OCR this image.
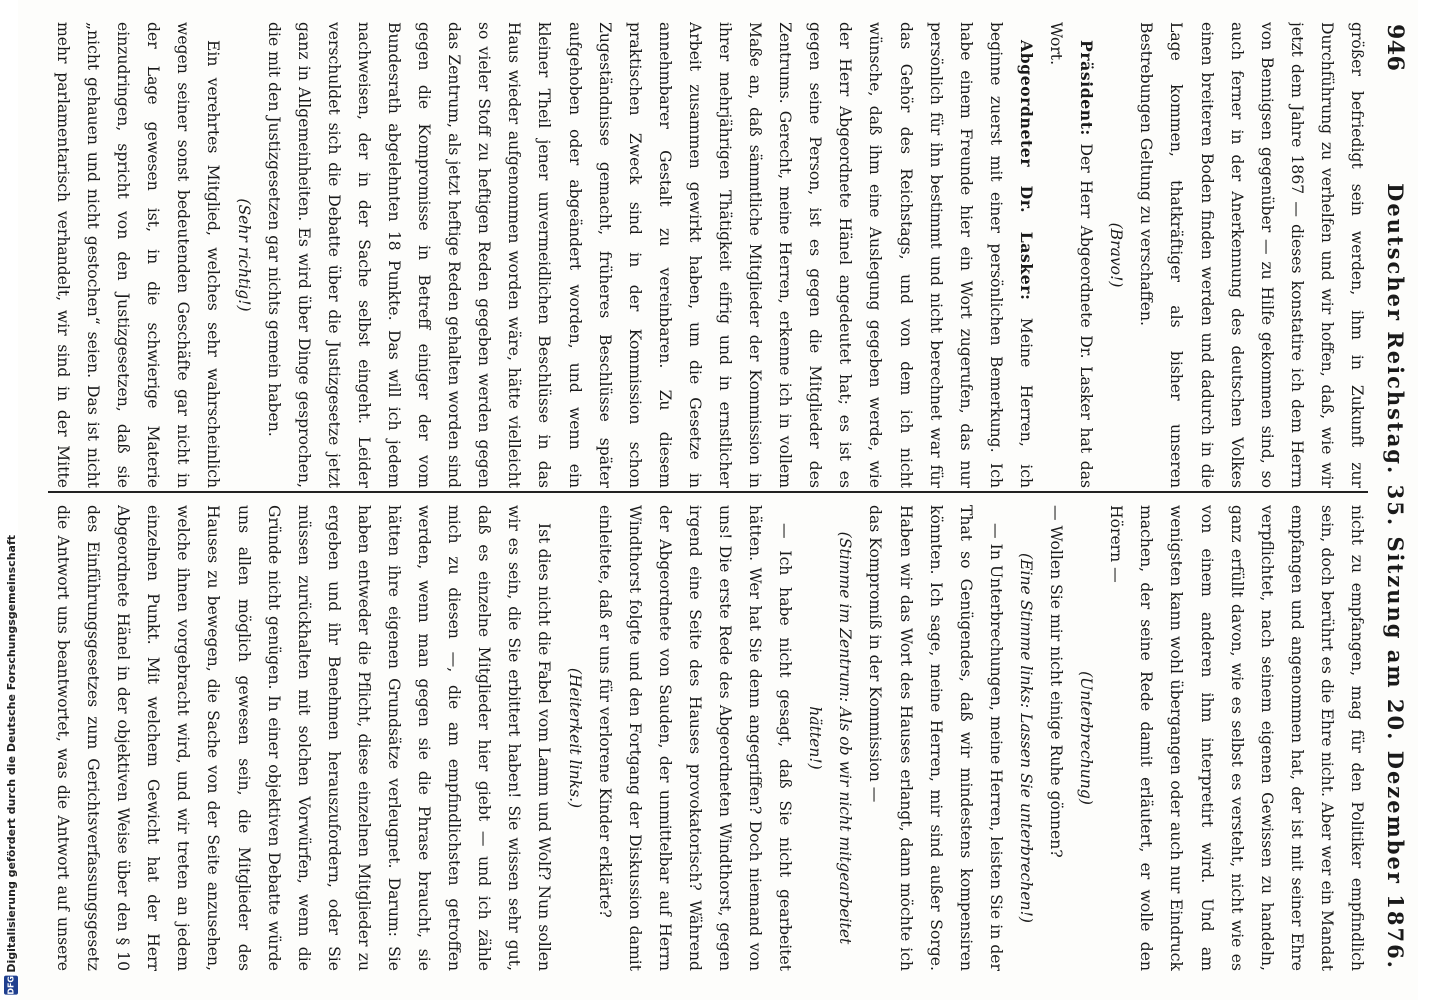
946
Deutscher Reichstag. 35. Sitzung am 20. Dezember 1876.

größer befriedigt sein werden, ihm in Zukunft zur Durchführung zu verhelfen und wir hoffen, daß, wie wir jetzt dem Jahre 1867 — dieses konstatire ich dem Herrn von Bennigsen gegenüber — zu Hilfe gekommen sind, so auch ferner in der Anerkennung des deutschen Volkes einen breiteren Boden finden werden und dadurch in die Lage kommen, thatkräftiger als bisher unseren Bestrebungen Geltung zu verschaffen.

(Bravo!)

Präsident: Der Herr Abgeordnete Dr. Lasker hat das Wort.

Abgeordneter Dr. Lasker: Meine Herren, ich beginne zuerst mit einer persönlichen Bemerkung. Ich habe einem Freunde hier ein Wort zugerufen, das nur persönlich für ihn bestimmt und nicht berechnet war für das Gehör des Reichstags, und von dem ich nicht wünsche, daß ihm eine Auslegung gegeben werde, wie der Herr Abgeordnete Hänel angedeutet hat; es ist es gegen seine Person, ist es gegen die Mitglieder des Zentrums. Gerecht, meine Herren, erkenne ich in vollem Maße an, daß sämmtliche Mitglieder der Kommission in ihrer mehrjährigen Thätigkeit eifrig und in ernstlicher Arbeit zusammen gewirkt haben, um die Gesetze in annehmbarer Gestalt zu vereinbaren. Zu diesem praktischen Zweck sind in der Kommission schon Zugeständnisse gemacht, früheres Beschlüsse später aufgehoben oder abgeändert worden, und wenn ein kleiner Theil jener unvermeidlichen Beschlüsse in das Haus wieder aufgenommen worden wäre, hätte vielleicht so vieler Stoff zu heftigen Reden gegeben werden gegen das Zentrum, als jetzt heftige Reden gehalten worden sind gegen die Kompromisse in Betreff einiger der vom Bundesrath abgelehnten 18 Punkte. Das will ich jedem nachweisen, der in der Sache selbst eingeht. Leider verschuldet sich die Debatte über die Justizgesetze jetzt ganz in Allgemeinheiten. Es wird über Dinge gesprochen, die mit den Justizgesetzen gar nichts gemein haben.

(Sehr richtig!)

Ein verehrtes Mitglied, welches sehr wahrscheinlich wegen seiner sonst bedeutenden Geschäfte gar nicht in der Lage gewesen ist, in die schwierige Materie einzudringen, spricht von den Justizgesetzen, daß sie „nicht gehauen und nicht gestochen“ seien. Das ist nicht mehr parlamentarisch verhandelt, wir sind in der Mitte

nicht zu empfangen, mag für den Politiker empfindlich sein, doch berührt es die Ehre nicht. Aber wer ein Mandat empfangen und angenommen hat, der ist mit seiner Ehre verpflichtet, nach seinem eigenen Gewissen zu handeln, ganz erfüllt davon, wie es selbst es versteht, nicht wie es von einem anderen ihm interpretirt wird. Und am wenigsten kann wohl übergangen oder auch nur Eindruck machen, der seine Rede damit erläutert, er wolle den Hörern —

(Unterbrechung)

— Wollen Sie mir nicht einige Ruhe gönnen?

(Eine Stimme links: Lassen Sie unterbrechen!)

— In Unterbrechungen, meine Herren, leisten Sie in der That so Genügendes, daß wir mindestens kompensiren könnten. Ich sage, meine Herren, mir sind außer Sorge. Haben wir das Wort des Hauses erlangt, dann möchte ich das Kompromiß in der Kommission —

(Stimme im Zentrum: Als ob wir nicht mitgearbeitet hätten!)

— Ich habe nicht gesagt, daß Sie nicht gearbeitet hätten. Wer hat Sie denn angegriffen? Doch niemand von uns! Die erste Rede des Abgeordneten Windthorst, gegen irgend eine Seite des Hauses provokatorisch? Während der Abgeordnete von Sauden, der unmittelbar auf Herrn Windthorst folgte und den Fortgang der Diskussion damit einleitete, daß er uns für verlorene Kinder erklärte?

(Heiterkeit links.)

Ist dies nicht die Fabel vom Lamm und Wolf? Nun sollen wir es sein, die Sie erbittert haben! Sie wissen sehr gut, daß es einzelne Mitglieder hier giebt — und ich zähle mich zu diesen —, die am empfindlichsten getroffen werden, wenn man gegen sie die Phrase braucht, sie hätten ihre eigenen Grundsätze verleugnet. Darum: Sie haben entweder die Pflicht, diese einzelnen Mitglieder zu ergeben und ihr Benehmen herauszufordern, oder Sie müssen zurückhalten mit solchen Vorwürfen, wenn die Gründe nicht genügen. In einer objektiven Debatte würde uns allen möglich gewesen sein, die Mitglieder des Hauses zu bewegen, die Sache von der Seite anzusehen, welche ihnen vorgebracht wird, und wir treten an jedem einzelnen Punkt. Mit welchem Gewicht hat der Herr Abgeordnete Hänel in der objektiven Weise über den § 10 des Einführungsgesetzes zum Gerichtsverfassungsgesetz die Antwort uns beantwortet, was die Antwort auf unsere

Digitalisierung gefördert durch die Deutsche Forschungsgemeinschaft
DFG
